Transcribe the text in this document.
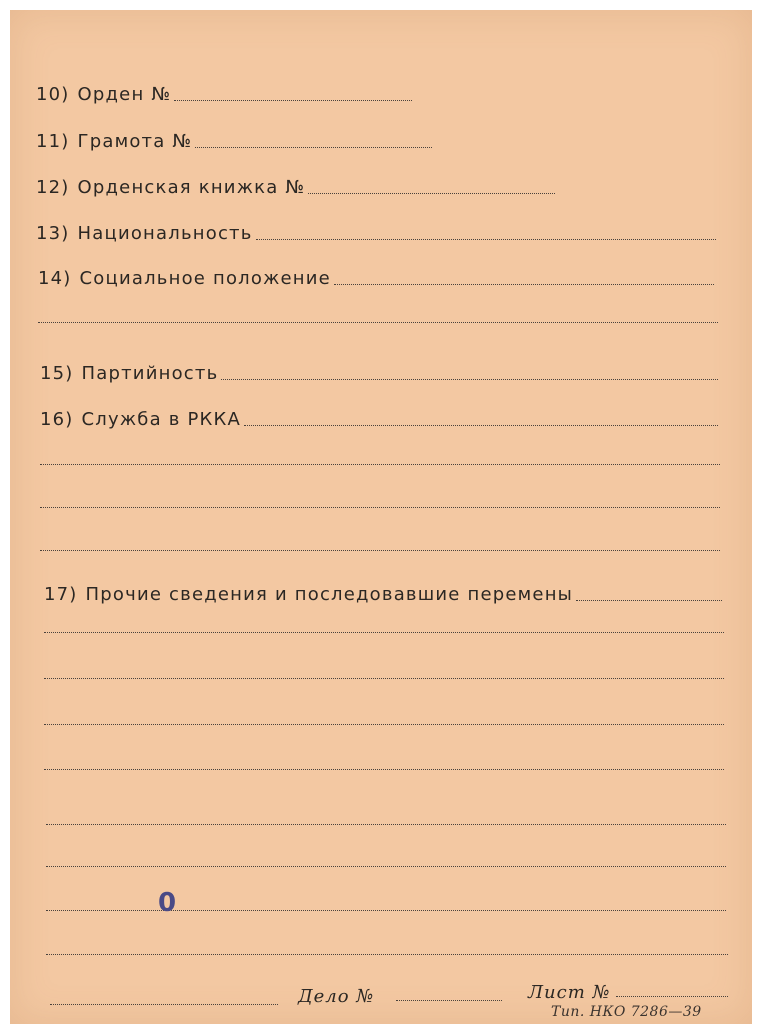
10) Орден №
11) Грамота №
12) Орденская книжка №
13) Национальность
14) Социальное положение
15) Партийность
16) Служба в РККА
17) Прочие сведения и последовавшие перемены
0
Дело №	Лист №
Тип. НКО 7286—39
